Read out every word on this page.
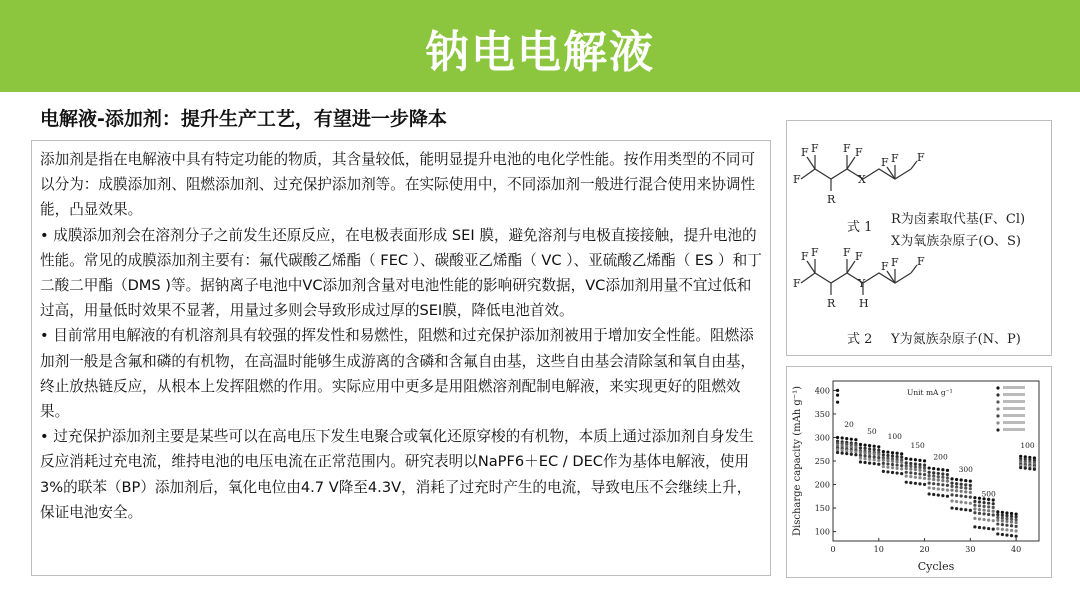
钠电电解液
电解液-添加剂：提升生产工艺，有望进一步降本

添加剂是指在电解液中具有特定功能的物质，其含量较低，能明显提升电池的电化学性能。按作用类型的不同可以分为：成膜添加剂、阻燃添加剂、过充保护添加剂等。在实际使用中，不同添加剂一般进行混合使用来协调性能，凸显效果。

• 成膜添加剂会在溶剂分子之前发生还原反应，在电极表面形成 SEI 膜，避免溶剂与电极直接接触，提升电池的性能。常见的成膜添加剂主要有：氟代碳酸乙烯酯（ FEC ）、碳酸亚乙烯酯（ VC ）、亚硫酸乙烯酯（ ES ）和丁二酸二甲酯（DMS )等。据钠离子电池中VC添加剂含量对电池性能的影响研究数据，VC添加剂用量不宜过低和过高，用量低时效果不显著，用量过多则会导致形成过厚的SEI膜，降低电池首效。

• 目前常用电解液的有机溶剂具有较强的挥发性和易燃性，阻燃和过充保护添加剂被用于增加安全性能。阻燃添加剂一般是含氟和磷的有机物，在高温时能够生成游离的含磷和含氟自由基，这些自由基会清除氢和氧自由基，终止放热链反应，从根本上发挥阻燃的作用。实际应用中更多是用阻燃溶剂配制电解液，来实现更好的阻燃效果。

• 过充保护添加剂主要是某些可以在高电压下发生电聚合或氧化还原穿梭的有机物，本质上通过添加剂自身发生反应消耗过充电流，维持电池的电压电流在正常范围内。研究表明以NaPF6＋EC / DEC作为基体电解液，使用3%的联苯（BP）添加剂后，氧化电位由4.7 V降至4.3V，消耗了过充时产生的电流，导致电压不会继续上升，保证电池安全。

F
F
F
R
F F
X
F
F	F
F
F
F
R
F F
Y
H
F
F	F
式 1
R为卤素取代基(F、Cl)
X为氧族杂原子(O、S)
式 2 Y为氮族杂原子(N、P)
100
150
200
250
300
350
400
0	10	20	30	40
20
50
100
150
200
300
500
100
Unit mA g⁻¹
Cycles
Discharge capacity (mAh g⁻¹)
